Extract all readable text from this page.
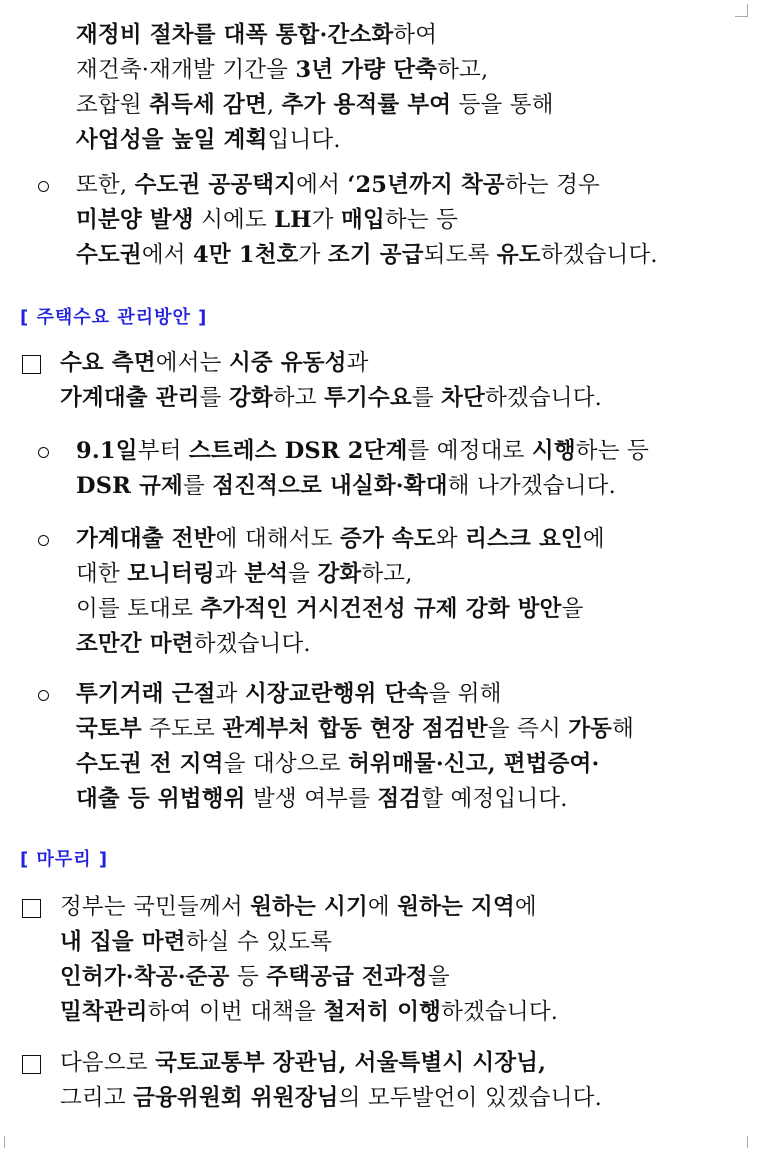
재정비 절차를 대폭 통합·간소화하여
재건축·재개발 기간을 3년 가량 단축하고,
조합원 취득세 감면, 추가 용적률 부여 등을 통해
사업성을 높일 계획입니다.
또한, 수도권 공공택지에서 ‘25년까지 착공하는 경우
미분양 발생 시에도 LH가 매입하는 등
수도권에서 4만 1천호가 조기 공급되도록 유도하겠습니다.
[ 주택수요 관리방안 ]
수요 측면에서는 시중 유동성과
가계대출 관리를 강화하고 투기수요를 차단하겠습니다.
9.1일부터 스트레스 DSR 2단계를 예정대로 시행하는 등
DSR 규제를 점진적으로 내실화·확대해 나가겠습니다.
가계대출 전반에 대해서도 증가 속도와 리스크 요인에
대한 모니터링과 분석을 강화하고,
이를 토대로 추가적인 거시건전성 규제 강화 방안을
조만간 마련하겠습니다.
투기거래 근절과 시장교란행위 단속을 위해
국토부 주도로 관계부처 합동 현장 점검반을 즉시 가동해
수도권 전 지역을 대상으로 허위매물·신고, 편법증여·
대출 등 위법행위 발생 여부를 점검할 예정입니다.
[ 마무리 ]
정부는 국민들께서 원하는 시기에 원하는 지역에
내 집을 마련하실 수 있도록
인허가·착공·준공 등 주택공급 전과정을
밀착관리하여 이번 대책을 철저히 이행하겠습니다.
다음으로 국토교통부 장관님, 서울특별시 시장님,
그리고 금융위원회 위원장님의 모두발언이 있겠습니다.
